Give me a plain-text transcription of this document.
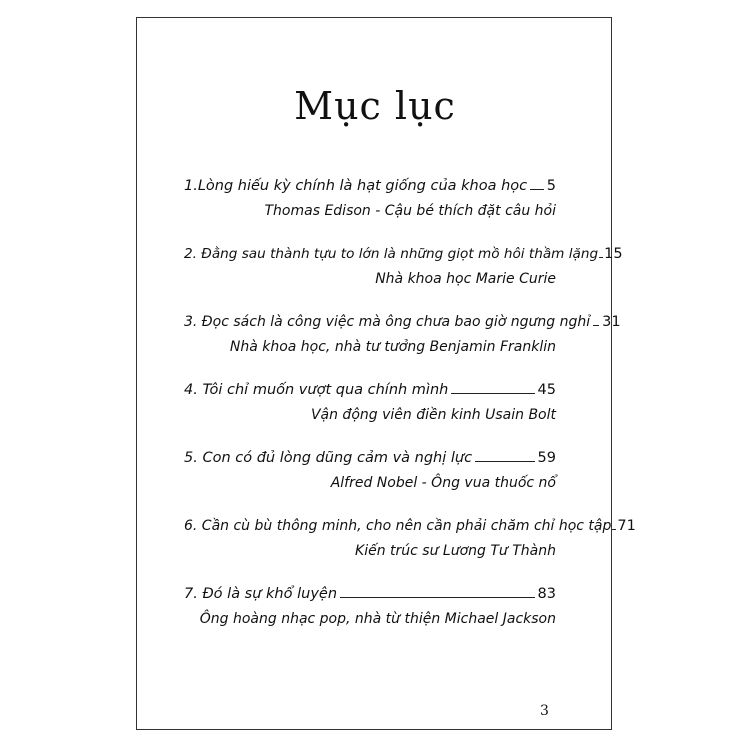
Mục lục
1.Lòng hiếu kỳ chính là hạt giống của khoa học 5
Thomas Edison - Cậu bé thích đặt câu hỏi
2. Đằng sau thành tựu to lớn là những giọt mồ hôi thầm lặng 15
Nhà khoa học Marie Curie
3. Đọc sách là công việc mà ông chưa bao giờ ngưng nghỉ 31
Nhà khoa học, nhà tư tưởng Benjamin Franklin
4. Tôi chỉ muốn vượt qua chính mình	45
Vận động viên điền kinh Usain Bolt
5. Con có đủ lòng dũng cảm và nghị lực	59
Alfred Nobel - Ông vua thuốc nổ
6. Cần cù bù thông minh, cho nên cần phải chăm chỉ học tập 71
Kiến trúc sư Lương Tư Thành
7. Đó là sự khổ luyện	83
Ông hoàng nhạc pop, nhà từ thiện Michael Jackson
3
